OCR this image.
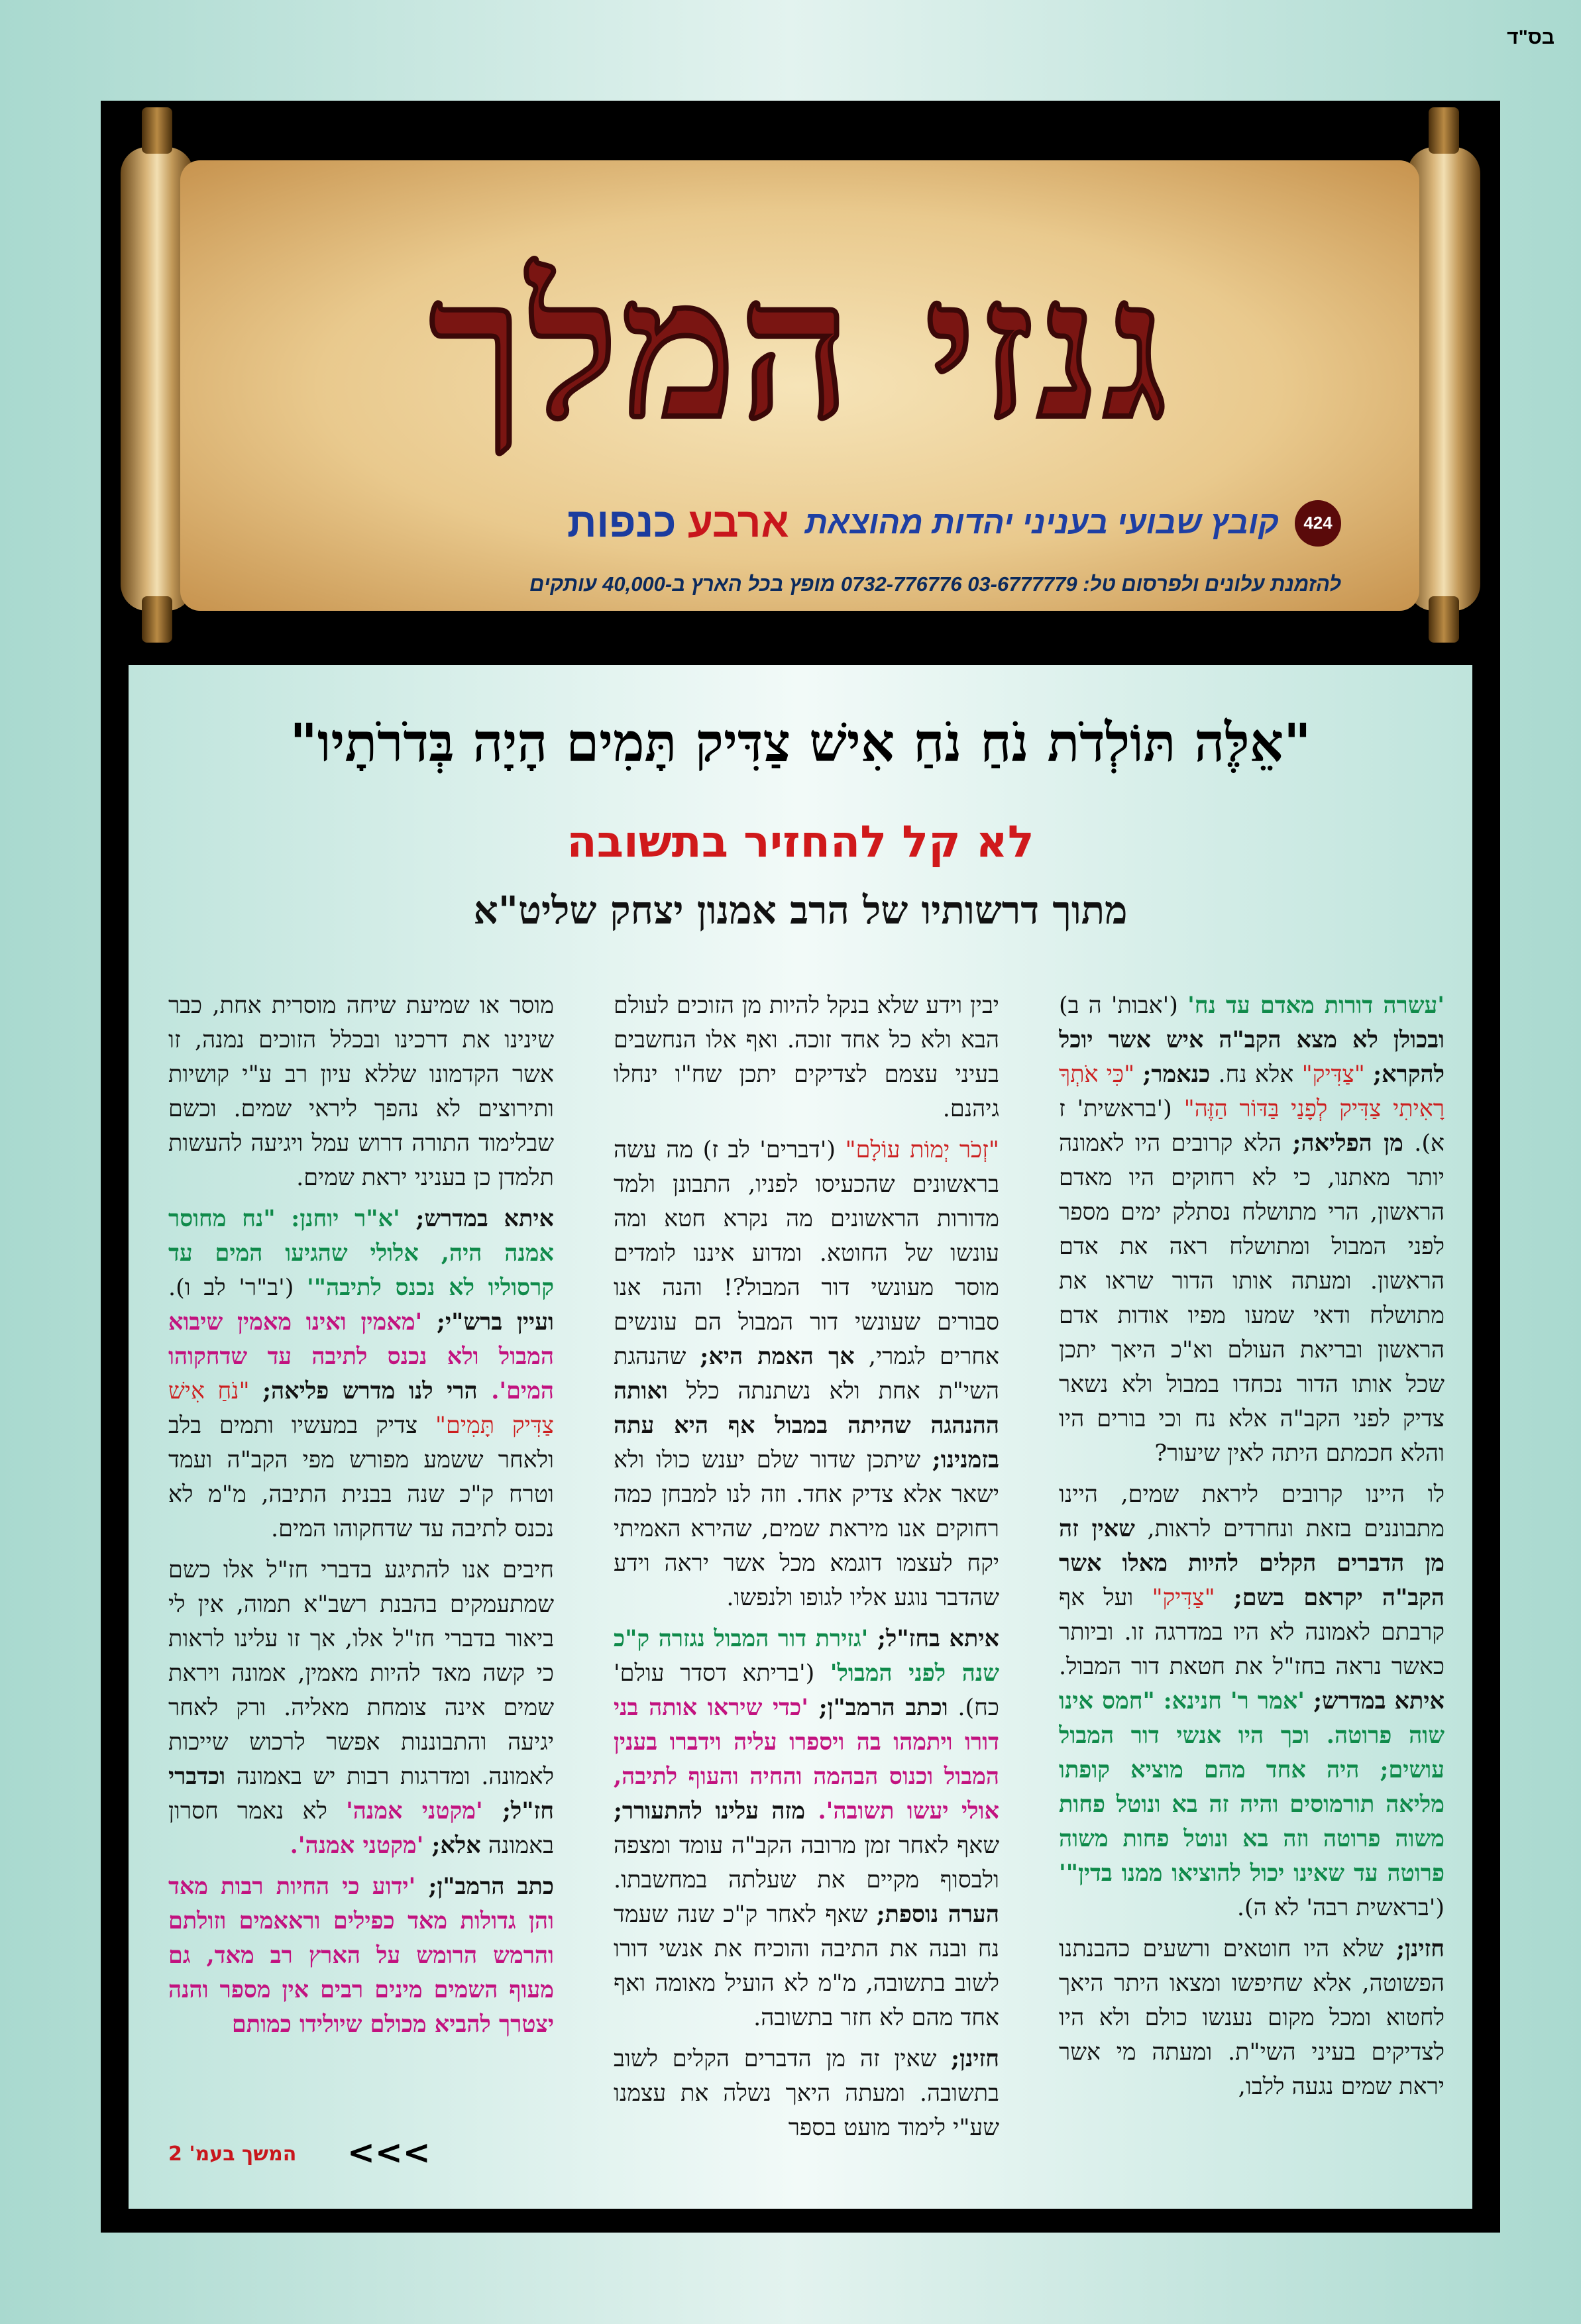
בס"ד
גנזי המלך
424
קובץ שבועי בעניני יהדות מהוצאת
ארבע כנפות
להזמנת עלונים ולפרסום טל: 03-6777779 0732-776776 מופץ בכל הארץ ב-40,000 עותקים
"אֵלֶּה תּוֹלְדֹת נֹחַ נֹחַ אִישׁ צַדִּיק תָּמִים הָיָה בְּדֹרֹתָיו"
לא קל להחזיר בתשובה
מתוך דרשותיו של הרב אמנון יצחק שליט"א

'עשרה דורות מאדם עד נח' ('אבות' ה ב) ובכולן לא מצא הקב"ה איש אשר יוכל להקרא; "צַדִּיק" אלא נח. כנאמר; "כִּי אֹתְךָ רָאִיתִי צַדִּיק לְפָנַי בַּדּוֹר הַזֶּה" ('בראשית' ז א). מן הפליאה; הלא קרובים היו לאמונה יותר מאתנו, כי לא רחוקים היו מאדם הראשון, הרי מתושלח נסתלק ימים מספר לפני המבול ומתושלח ראה את אדם הראשון. ומעתה אותו הדור שראו את מתושלח ודאי שמעו מפיו אודות אדם הראשון ובריאת העולם וא"כ היאך יתכן שכל אותו הדור נכחדו במבול ולא נשאר צדיק לפני הקב"ה אלא נח וכי בורים היו והלא חכמתם היתה לאין שיעור?

לו היינו קרובים ליראת שמים, היינו מתבוננים בזאת ונחרדים לראות, שאין זה מן הדברים הקלים להיות מאלו אשר הקב"ה יקראם בשם; "צַדִּיק" ועל אף קרבתם לאמונה לא היו במדרגה זו. וביותר כאשר נראה בחז"ל את חטאת דור המבול. איתא במדרש; 'אמר ר' חנינא: "חמס אינו שוה פרוטה. וכך היו אנשי דור המבול עושים; היה אחד מהם מוציא קופתו מליאה תורמוסים והיה זה בא ונוטל פחות משוה פרוטה וזה בא ונוטל פחות משוה פרוטה עד שאינו יכול להוציאו ממנו בדין"' ('בראשית רבה' לא ה).

חזינן; שלא היו חוטאים ורשעים כהבנתנו הפשוטה, אלא שחיפשו ומצאו היתר היאך לחטוא ומכל מקום נענשו כולם ולא היו לצדיקים בעיני השי"ת. ומעתה מי אשר יראת שמים נגעה ללבו,

יבין וידע שלא בנקל להיות מן הזוכים לעולם הבא ולא כל אחד זוכה. ואף אלו הנחשבים בעיני עצמם לצדיקים יתכן שח"ו ינחלו גיהנם.

"זְכֹר יְמוֹת עוֹלָם" ('דברים' לב ז) מה עשה בראשונים שהכעיסו לפניו, התבונן ולמד מדורות הראשונים מה נקרא חטא ומה עונשו של החוטא. ומדוע איננו לומדים מוסר מעונשי דור המבול?! והנה אנו סבורים שעונשי דור המבול הם עונשים אחרים לגמרי, אך האמת היא; שהנהגת השי"ת אחת ולא נשתנתה כלל ואותה ההנהגה שהיתה במבול אף היא עתה בזמנינו; שיתכן שדור שלם יענש כולו ולא ישאר אלא צדיק אחד. וזה לנו למבחן כמה רחוקים אנו מיראת שמים, שהירא האמיתי יקח לעצמו דוגמא מכל אשר יראה וידע שהדבר נוגע אליו לגופו ולנפשו.

איתא בחז"ל; 'גזירת דור המבול נגזרה ק"כ שנה לפני המבול' ('בריתא דסדר עולם' כח). וכתב הרמב"ן; 'כדי שיראו אותה בני דורו ויתמהו בה ויספרו עליה וידברו בענין המבול וכנוס הבהמה והחיה והעוף לתיבה, אולי יעשו תשובה'. מזה עלינו להתעורר; שאף לאחר זמן מרובה הקב"ה עומד ומצפה ולבסוף מקיים את שעלתה במחשבתו. הערה נוספת; שאף לאחר ק"כ שנה שעמד נח ובנה את התיבה והוכיח את אנשי דורו לשוב בתשובה, מ"מ לא הועיל מאומה ואף אחד מהם לא חזר בתשובה.

חזינן; שאין זה מן הדברים הקלים לשוב בתשובה. ומעתה היאך נשלה את עצמנו שע"י לימוד מועט בספר

מוסר או שמיעת שיחה מוסרית אחת, כבר שינינו את דרכינו ובכלל הזוכים נמנה, זו אשר הקדמונו שללא עיון רב ע"י קושיות ותירוצים לא נהפך ליראי שמים. וכשם שבלימוד התורה דרוש עמל ויגיעה להעשות תלמדן כן בעניני יראת שמים.

איתא במדרש; 'א"ר יוחנן: "נח מחוסר אמנה היה, אלולי שהגיעו המים עד קרסוליו לא נכנס לתיבה"' ('ב"ר' לב ו). ועיין ברש"י; 'מאמין ואינו מאמין שיבוא המבול ולא נכנס לתיבה עד שדחקוהו המים'. הרי לנו מדרש פליאה; "נֹחַ אִישׁ צַדִּיק תָּמִים" צדיק במעשיו ותמים בלב ולאחר ששמע מפורש מפי הקב"ה ועמד וטרח ק"כ שנה בבנית התיבה, מ"מ לא נכנס לתיבה עד שדחקוהו המים.

חיבים אנו להתיגע בדברי חז"ל אלו כשם שמתעמקים בהבנת רשב"א תמוה, אין לי ביאור בדברי חז"ל אלו, אך זו עלינו לראות כי קשה מאד להיות מאמין, אמונה ויראת שמים אינה צומחת מאליה. ורק לאחר יגיעה והתבוננות אפשר לרכוש שייכות לאמונה. ומדרגות רבות יש באמונה וכדברי חז"ל; 'מקטני אמנה' לא נאמר חסרון באמונה אלא; 'מקטני אמנה'.

כתב הרמב"ן; 'ידוע כי החיות רבות מאד והן גדולות מאד כפילים וראאמים וזולתם והרמש הרומש על הארץ רב מאד, גם מעוף השמים מינים רבים אין מספר והנה יצטרך להביא מכולם שיולידו כמותם

המשך בעמ' 2 <<<
